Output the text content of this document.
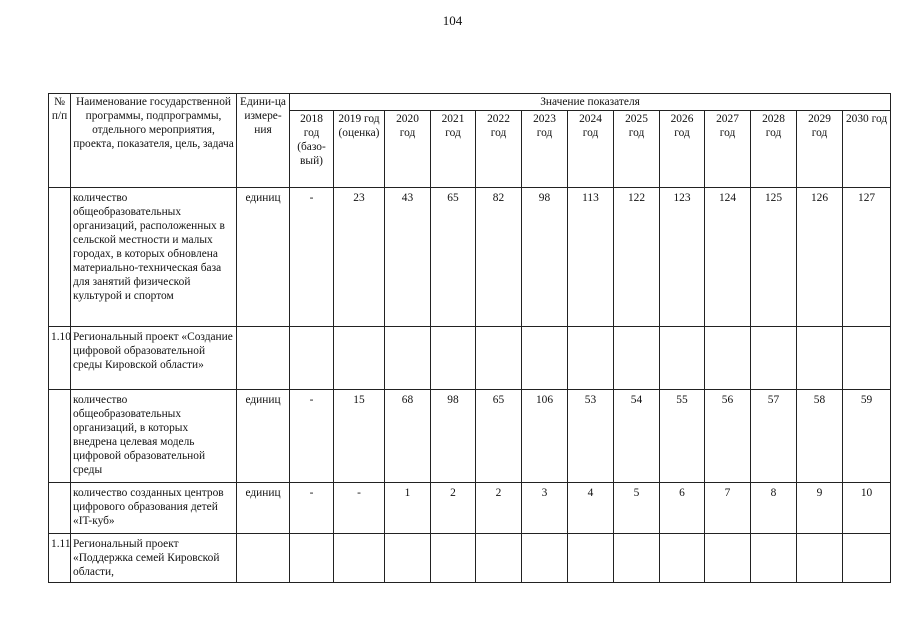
104
№ п/п	Наименование государственной программы, подпрограммы, отдельного мероприятия, проекта, показателя, цель, задача	Едини-ца измере-ния	Значение показателя												
			2018 год (базо-вый)	2019 год (оценка)	2020 год	2021 год	2022 год	2023 год	2024 год	2025 год	2026 год	2027 год	2028 год	2029 год	2030 год
	количество общеобразовательных организаций, расположенных в сельской местности и малых городах, в которых обновлена материально-техническая база для занятий физической культурой и спортом	единиц	-	23	43	65	82	98	113	122	123	124	125	126	127
1.10	Региональный проект «Создание цифровой образовательной среды Кировской области»														
	количество общеобразовательных организаций, в которых внедрена целевая модель цифровой образовательной среды	единиц	-	15	68	98	65	106	53	54	55	56	57	58	59
	количество созданных центров цифрового образования детей «IT-куб»	единиц	-	-	1	2	2	3	4	5	6	7	8	9	10
1.11	Региональный проект «Поддержка семей Кировской области,														
